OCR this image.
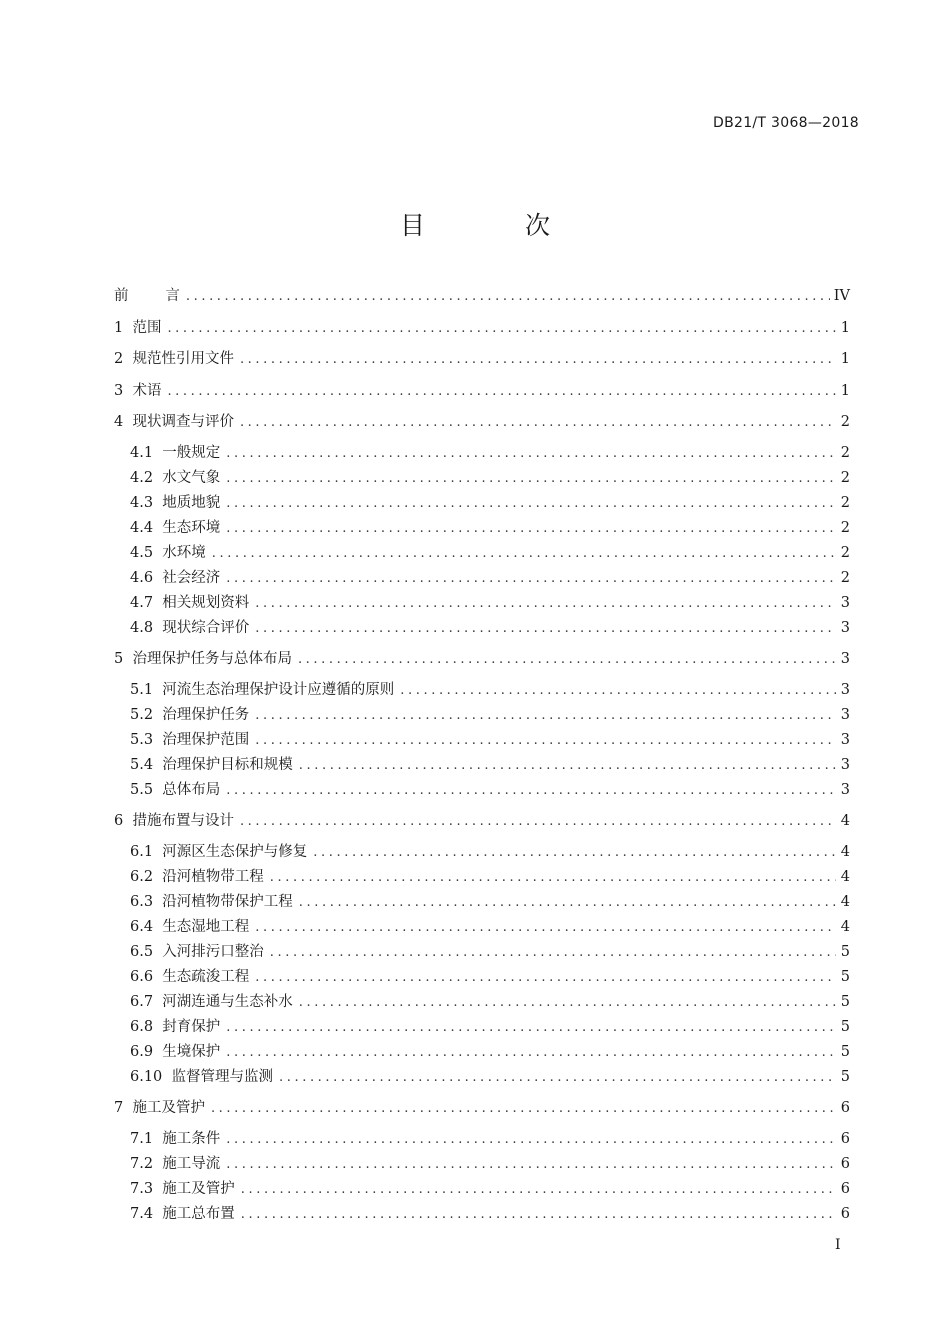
DB21/T 3068—2018
目 次
前        言 .....	IV
1 范围 .....	1
2 规范性引用文件 .....	1
3 术语 .....	1
4 现状调查与评价 .....	2
4.1 一般规定 .....	2
4.2 水文气象 .....	2
4.3 地质地貌 .....	2
4.4 生态环境 .....	2
4.5 水环境 .....	2
4.6 社会经济 .....	2
4.7 相关规划资料 .....	3
4.8 现状综合评价 .....	3
5 治理保护任务与总体布局 .....	3
5.1 河流生态治理保护设计应遵循的原则 .....	3
5.2 治理保护任务 .....	3
5.3 治理保护范围 .....	3
5.4 治理保护目标和规模 .....	3
5.5 总体布局 .....	3
6 措施布置与设计 .....	4
6.1 河源区生态保护与修复 .....	4
6.2 沿河植物带工程 .....	4
6.3 沿河植物带保护工程 .....	4
6.4 生态湿地工程 .....	4
6.5 入河排污口整治 .....	5
6.6 生态疏浚工程 .....	5
6.7 河湖连通与生态补水 .....	5
6.8 封育保护 .....	5
6.9 生境保护 .....	5
6.10 监督管理与监测 .....	5
7 施工及管护 .....	6
7.1 施工条件 .....	6
7.2 施工导流 .....	6
7.3 施工及管护 .....	6
7.4 施工总布置 .....	6
I
